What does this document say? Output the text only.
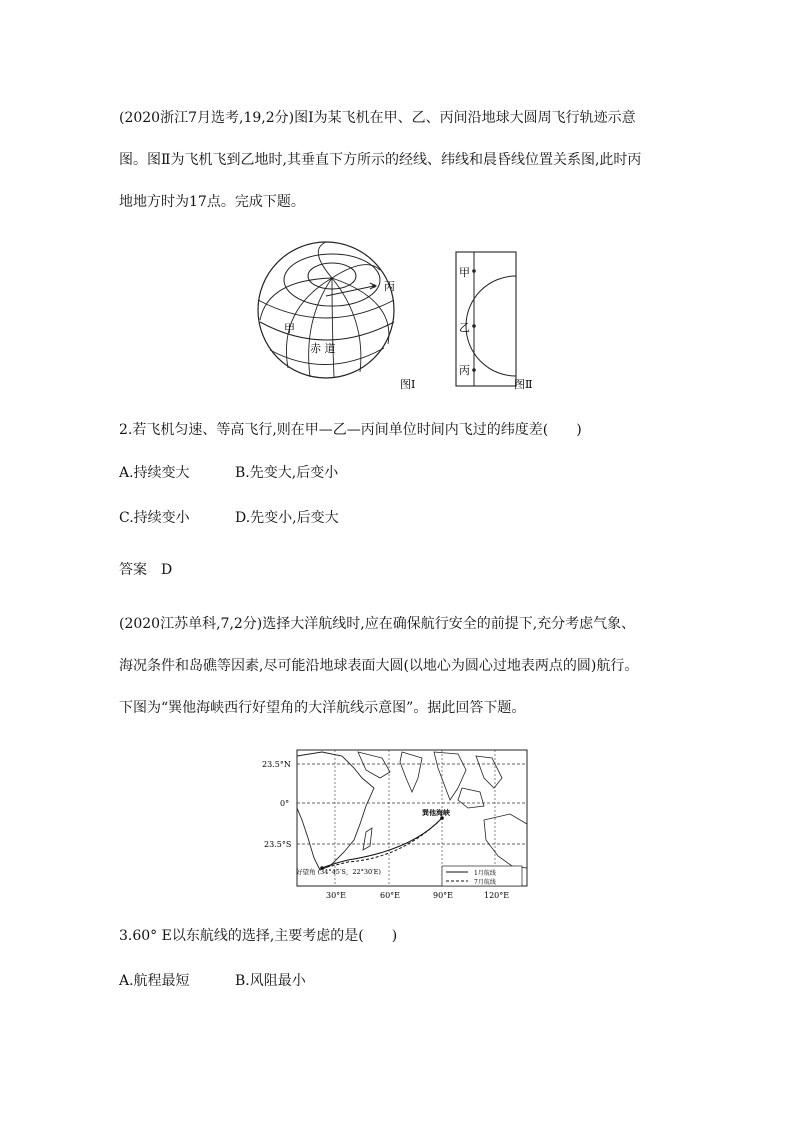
(2020浙江7月选考,19,2分)图Ⅰ为某飞机在甲、乙、丙间沿地球大圆周飞行轨迹示意
图。图Ⅱ为飞机飞到乙地时,其垂直下方所示的经线、纬线和晨昏线位置关系图,此时丙
地地方时为17点。完成下题。
丙
甲
赤 道
图Ⅰ
甲
乙
丙
图Ⅱ
2.若飞机匀速、等高飞行,则在甲—乙—丙间单位时间内飞过的纬度差(　　)
A.持续变大	B.先变大,后变小
C.持续变小	D.先变小,后变大
答案　D
(2020江苏单科,7,2分)选择大洋航线时,应在确保航行安全的前提下,充分考虑气象、
海况条件和岛礁等因素,尽可能沿地球表面大圆(以地心为圆心过地表两点的圆)航行。
下图为“巽他海峡西行好望角的大洋航线示意图”。据此回答下题。
23.5°N
0°
23.5°S
30°E	60°E	90°E	120°E
巽他海峡
好望角 (34°45′S，22°30′E)	1月航线
7月航线
3.60° E以东航线的选择,主要考虑的是(　　)
A.航程最短	B.风阻最小
